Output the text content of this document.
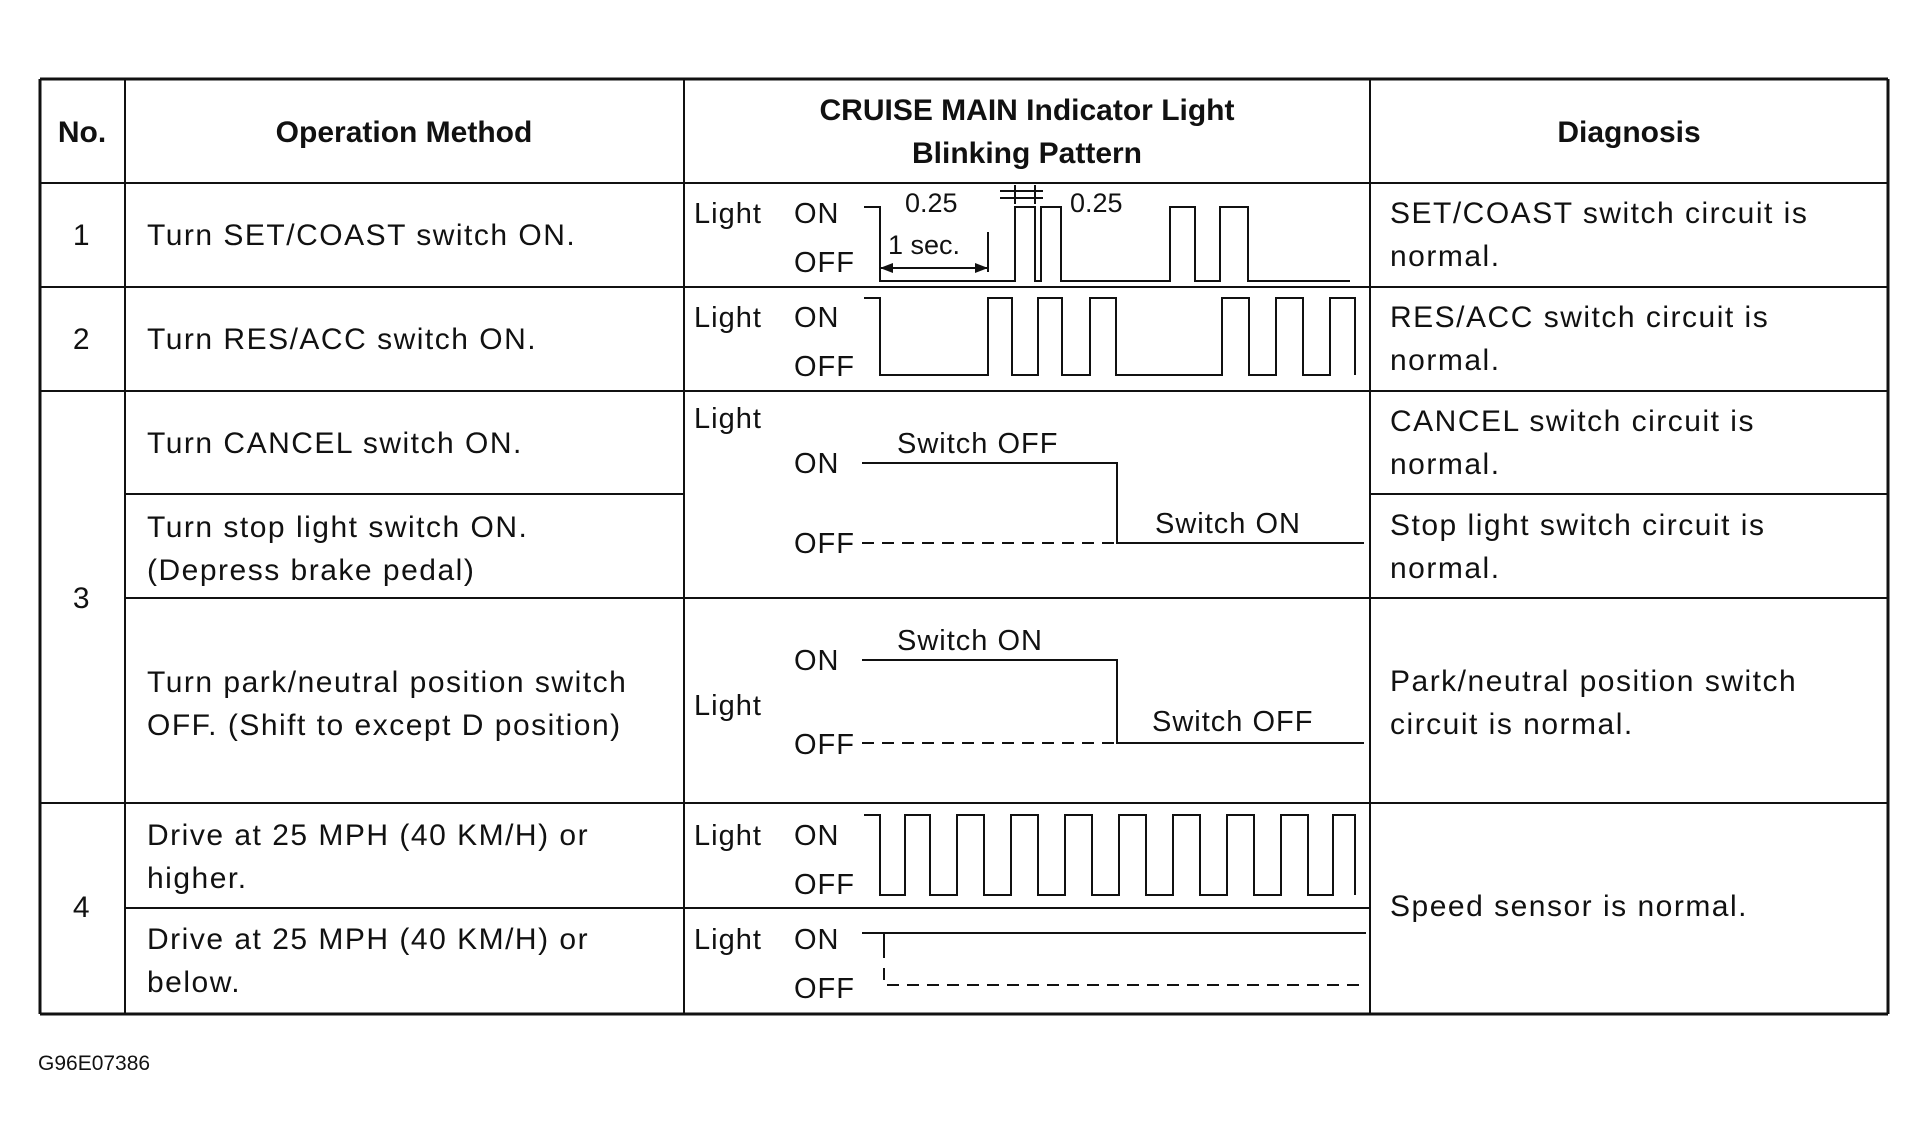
No.	Operation Method
CRUISE MAIN Indicator Light
Blinking Pattern
Diagnosis
1 Turn SET/COAST switch ON.
Light ON
OFF
0.25	0.25
1 sec.
SET/COAST switch circuit is
normal.
2 Turn RES/ACC switch ON.
Light ON
OFF
RES/ACC switch circuit is
normal.
3
Turn CANCEL switch ON.
CANCEL switch circuit is
normal.
Turn stop light switch ON.
(Depress brake pedal)
Stop light switch circuit is
normal.
Light
ON
OFF
Switch OFF
Switch ON
Turn park/neutral position switch
OFF. (Shift to except D position)
Light
ON
OFF
Switch ON
Switch OFF
Park/neutral position switch
circuit is normal.
4
Drive at 25 MPH (40 KM/H) or
higher.
Light ON
OFF
Drive at 25 MPH (40 KM/H) or
below.
Light ON
OFF
Speed sensor is normal.
G96E07386
